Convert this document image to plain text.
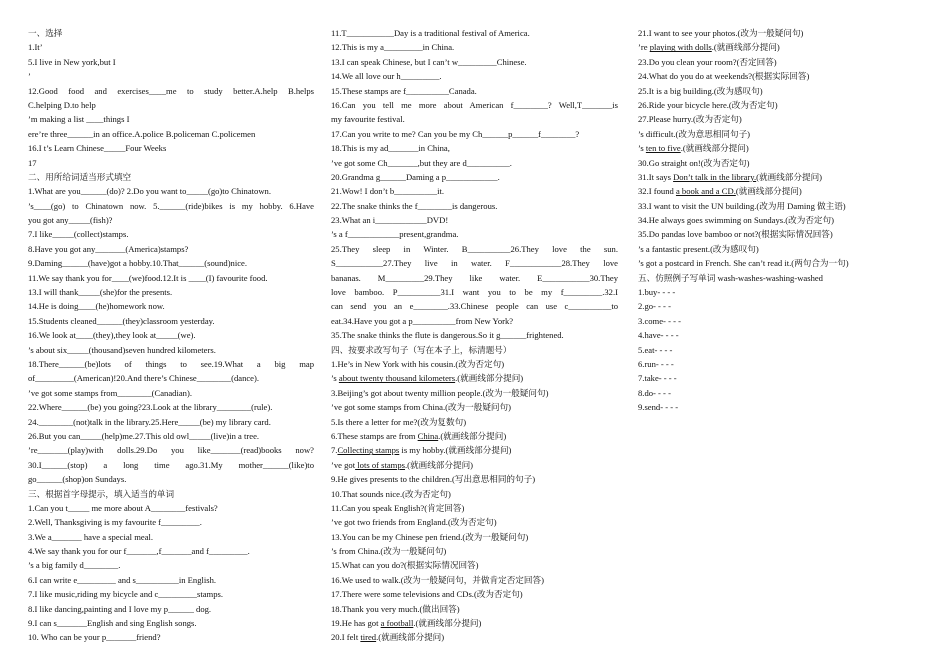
一、选择
1.It’
5.I live in New york,but I
’
12.Good food and exercises____me to study better.A.help B.helps
C.helping D.to help
’m making a list ____things I
ere’re three______in an office.A.police B.policeman C.policemen
16.I t’s Learn Chinese_____Four Weeks
17
二、用所给词适当形式填空
1.What are you______(do)? 2.Do you want to_____(go)to Chinatown.
’s____(go) to Chinatown now. 5.______(ride)bikes is my hobby. 6.Have
you got any_____(fish)?
7.I like_____(collect)stamps.
8.Have you got any_______(America)stamps?
9.Daming______(have)got a hobby.10.That______(sound)nice.
11.We say thank you for____(we)food.12.It is ____(I) favourite food.
13.I will thank_____(she)for the presents.
14.He is doing____(he)homework now.
15.Students cleaned______(they)classroom yesterday.
16.We look at____(they),they look at_____(we).
’s about six_____(thousand)seven hundred kilometers.
18.There______(be)lots of things to see.19.What a big map
of_________(American)!20.And there’s Chinese________(dance).
’ve got some stamps from________(Canadian).
22.Where______(be) you going?23.Look at the library________(rule).
24.________(not)talk in the library.25.Here_____(be) my library card.
26.But you can_____(help)me.27.This old owl_____(live)in a tree.
’re_______(play)with dolls.29.Do you like_______(read)books now?
30.I______(stop) a long time ago.31.My mother______(like)to
go______(shop)on Sundays.
三、根据首字母提示，填入适当的单词
1.Can you t_____ me more about A________festivals?
2.Well, Thanksgiving is my favourite f_________.
3.We a_______ have a special meal.
4.We say thank you for our f_______,f_______and f_________.
’s a big family d________.
6.I can write e_________ and s__________in English.
7.I like music,riding my bicycle and c_________stamps.
8.I like dancing,painting and I love my p______ dog.
9.I can s_______English and sing English songs.
10. Who can be your p_______friend?
11.T___________Day is a traditional festival of America.
12.This is my a_________in China.
13.I can speak Chinese, but I can’t w_________Chinese.
14.We all love our h_________.
15.These stamps are f__________Canada.
16.Can you tell me more about American f________? Well,T_______is
my favourite festival.
17.Can you write to me? Can you be my Ch______p______f________?
18.This is my ad_______in China,
’ve got some Ch_______,but they are d__________.
20.Grandma g______Daming a p____________.
21.Wow! I don’t b__________it.
22.The snake thinks the f________is dangerous.
23.What an i____________DVD!
’s a f____________present,grandma.
25.They sleep in Winter. B__________26.They love the sun.
S___________27.They live in water. F____________28.They love
bananas. M_________29.They like water. E___________30.They
love bamboo. P__________31.I want you to be my f_________.32.I
can send you an e________.33.Chinese people can use c__________to
eat.34.Have you got a p__________from New York?
35.The snake thinks the flute is dangerous.So it g______frightened.
四、按要求改写句子（写在本子上，标清题号）
1.He’s in New York with his cousin.(改为否定句)
’s about twenty thousand kilometers.(就画线部分提问)
3.Beijing’s got about twenty million people.(改为一般疑问句)
’ve got some stamps from China.(改为一般疑问句)
5.Is there a letter for me?(改为复数句)
6.These stamps are from China.(就画线部分提问)
7.Collecting stamps is my hobby.(就画线部分提问)
’ve got lots of stamps.(就画线部分提问)
9.He gives presents to the children.(写出意思相同的句子)
10.That sounds nice.(改为否定句)
11.Can you speak English?(肯定回答)
’ve got two friends from England.(改为否定句)
13.You can be my Chinese pen friend.(改为一般疑问句)
’s from China.(改为一般疑问句)
15.What can you do?(根据实际情况回答)
16.We used to walk.(改为一般疑问句，并做肯定否定回答)
17.There were some televisions and CDs.(改为否定句)
18.Thank you very much.(做出回答)
19.He has got a football.(就画线部分提问)
20.I felt tired.(就画线部分提问)
21.I want to see your photos.(改为一般疑问句)
’re playing with dolls.(就画线部分提问)
23.Do you clean your room?(否定回答)
24.What do you do at weekends?(根据实际回答)
25.It is a big building.(改为感叹句)
26.Ride your bicycle here.(改为否定句)
27.Please hurry.(改为否定句)
’s difficult.(改为意思相同句子)
’s ten to five.(就画线部分提问)
30.Go straight on!(改为否定句)
31.It says Don’t talk in the library.(就画线部分提问)
32.I found a book and a CD.(就画线部分提问)
33.I want to visit the UN building.(改为用 Daming 做主语)
34.He always goes swimming on Sundays.(改为否定句)
35.Do pandas love bamboo or not?(根据实际情况回答)
’s a fantastic present.(改为感叹句)
’s got a postcard in French. She can’t read it.(两句合为一句)
五、仿照例子写单词 wash-washes-washing-washed
1.buy- - - -
2.go- - - -
3.come- - - -
4.have- - - -
5.eat- - - -
6.run- - - -
7.take- - - -
8.do- - - -
9.send- - - -
